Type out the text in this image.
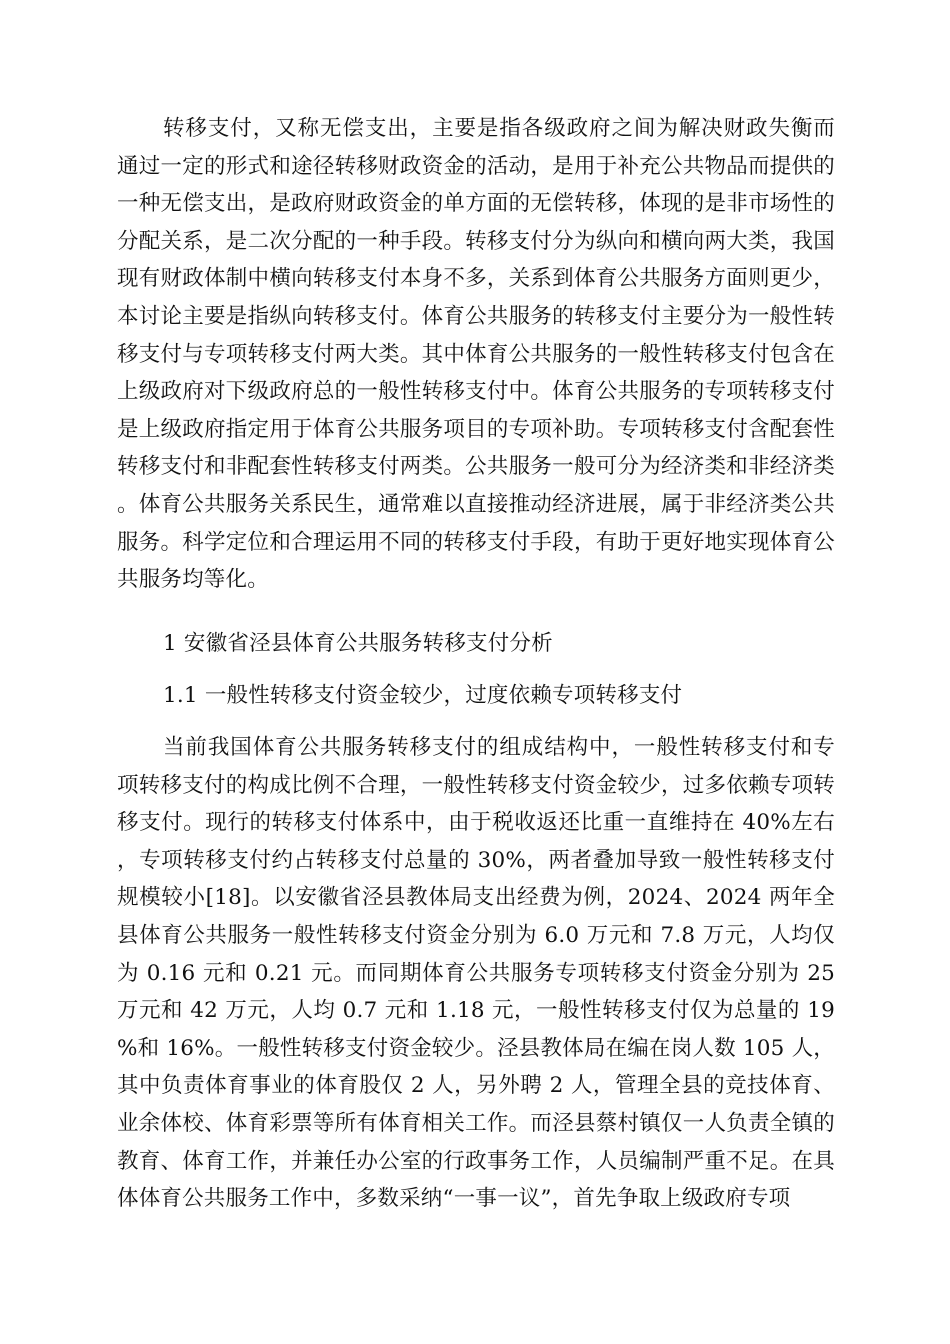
转移支付，又称无偿支出，主要是指各级政府之间为解决财政失衡而通过一定的形式和途径转移财政资金的活动，是用于补充公共物品而提供的一种无偿支出，是政府财政资金的单方面的无偿转移，体现的是非市场性的分配关系，是二次分配的一种手段。转移支付分为纵向和横向两大类，我国现有财政体制中横向转移支付本身不多，关系到体育公共服务方面则更少，本讨论主要是指纵向转移支付。体育公共服务的转移支付主要分为一般性转移支付与专项转移支付两大类。其中体育公共服务的一般性转移支付包含在上级政府对下级政府总的一般性转移支付中。体育公共服务的专项转移支付是上级政府指定用于体育公共服务项目的专项补助。专项转移支付含配套性转移支付和非配套性转移支付两类。公共服务一般可分为经济类和非经济类。体育公共服务关系民生，通常难以直接推动经济进展，属于非经济类公共服务。科学定位和合理运用不同的转移支付手段，有助于更好地实现体育公共服务均等化。

1 安徽省泾县体育公共服务转移支付分析

1.1 一般性转移支付资金较少，过度依赖专项转移支付

当前我国体育公共服务转移支付的组成结构中，一般性转移支付和专项转移支付的构成比例不合理，一般性转移支付资金较少，过多依赖专项转移支付。现行的转移支付体系中，由于税收返还比重一直维持在 40%左右，专项转移支付约占转移支付总量的 30%，两者叠加导致一般性转移支付规模较小[18]。以安徽省泾县教体局支出经费为例，2024、2024 两年全县体育公共服务一般性转移支付资金分别为 6.0 万元和 7.8 万元，人均仅为 0.16 元和 0.21 元。而同期体育公共服务专项转移支付资金分别为 25 万元和 42 万元，人均 0.7 元和 1.18 元，一般性转移支付仅为总量的 19%和 16%。一般性转移支付资金较少。泾县教体局在编在岗人数 105 人，其中负责体育事业的体育股仅 2 人，另外聘 2 人，管理全县的竞技体育、业余体校、体育彩票等所有体育相关工作。而泾县蔡村镇仅一人负责全镇的教育、体育工作，并兼任办公室的行政事务工作，人员编制严重不足。在具体体育公共服务工作中，多数采纳“一事一议”，首先争取上级政府专项
